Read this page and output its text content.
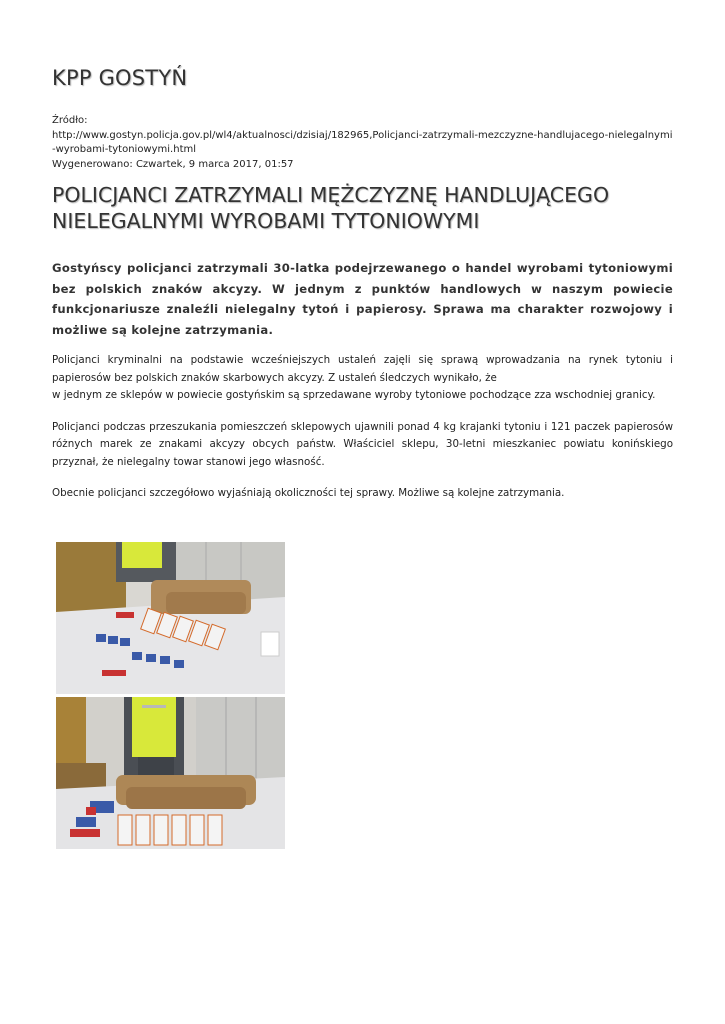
KPP GOSTYŃ
Źródło:
http://www.gostyn.policja.gov.pl/wl4/aktualnosci/dzisiaj/182965,Policjanci-zatrzymali-mezczyzne-handlujacego-nielegalnymi-wyrobami-tytoniowymi.html
Wygenerowano: Czwartek, 9 marca 2017, 01:57
POLICJANCI ZATRZYMALI MĘŻCZYZNĘ HANDLUJĄCEGO
NIELEGALNYMI WYROBAMI TYTONIOWYMI

Gostyńscy policjanci zatrzymali 30-latka podejrzewanego o handel wyrobami tytoniowymi bez polskich znaków akcyzy. W jednym z punktów handlowych w naszym powiecie funkcjonariusze znaleźli nielegalny tytoń i papierosy. Sprawa ma charakter rozwojowy i możliwe są kolejne zatrzymania.

Policjanci kryminalni na podstawie wcześniejszych ustaleń zajęli się sprawą wprowadzania na rynek tytoniu i papierosów bez polskich znaków skarbowych akcyzy. Z ustaleń śledczych wynikało, że
w jednym ze sklepów w powiecie gostyńskim są sprzedawane wyroby tytoniowe pochodzące zza wschodniej granicy.

Policjanci podczas przeszukania pomieszczeń sklepowych ujawnili ponad 4 kg krajanki tytoniu i 121 paczek papierosów różnych marek ze znakami akcyzy obcych państw. Właściciel sklepu, 30-letni mieszkaniec powiatu konińskiego przyznał, że nielegalny towar stanowi jego własność.

Obecnie policjanci szczegółowo wyjaśniają okoliczności tej sprawy. Możliwe są kolejne zatrzymania.
